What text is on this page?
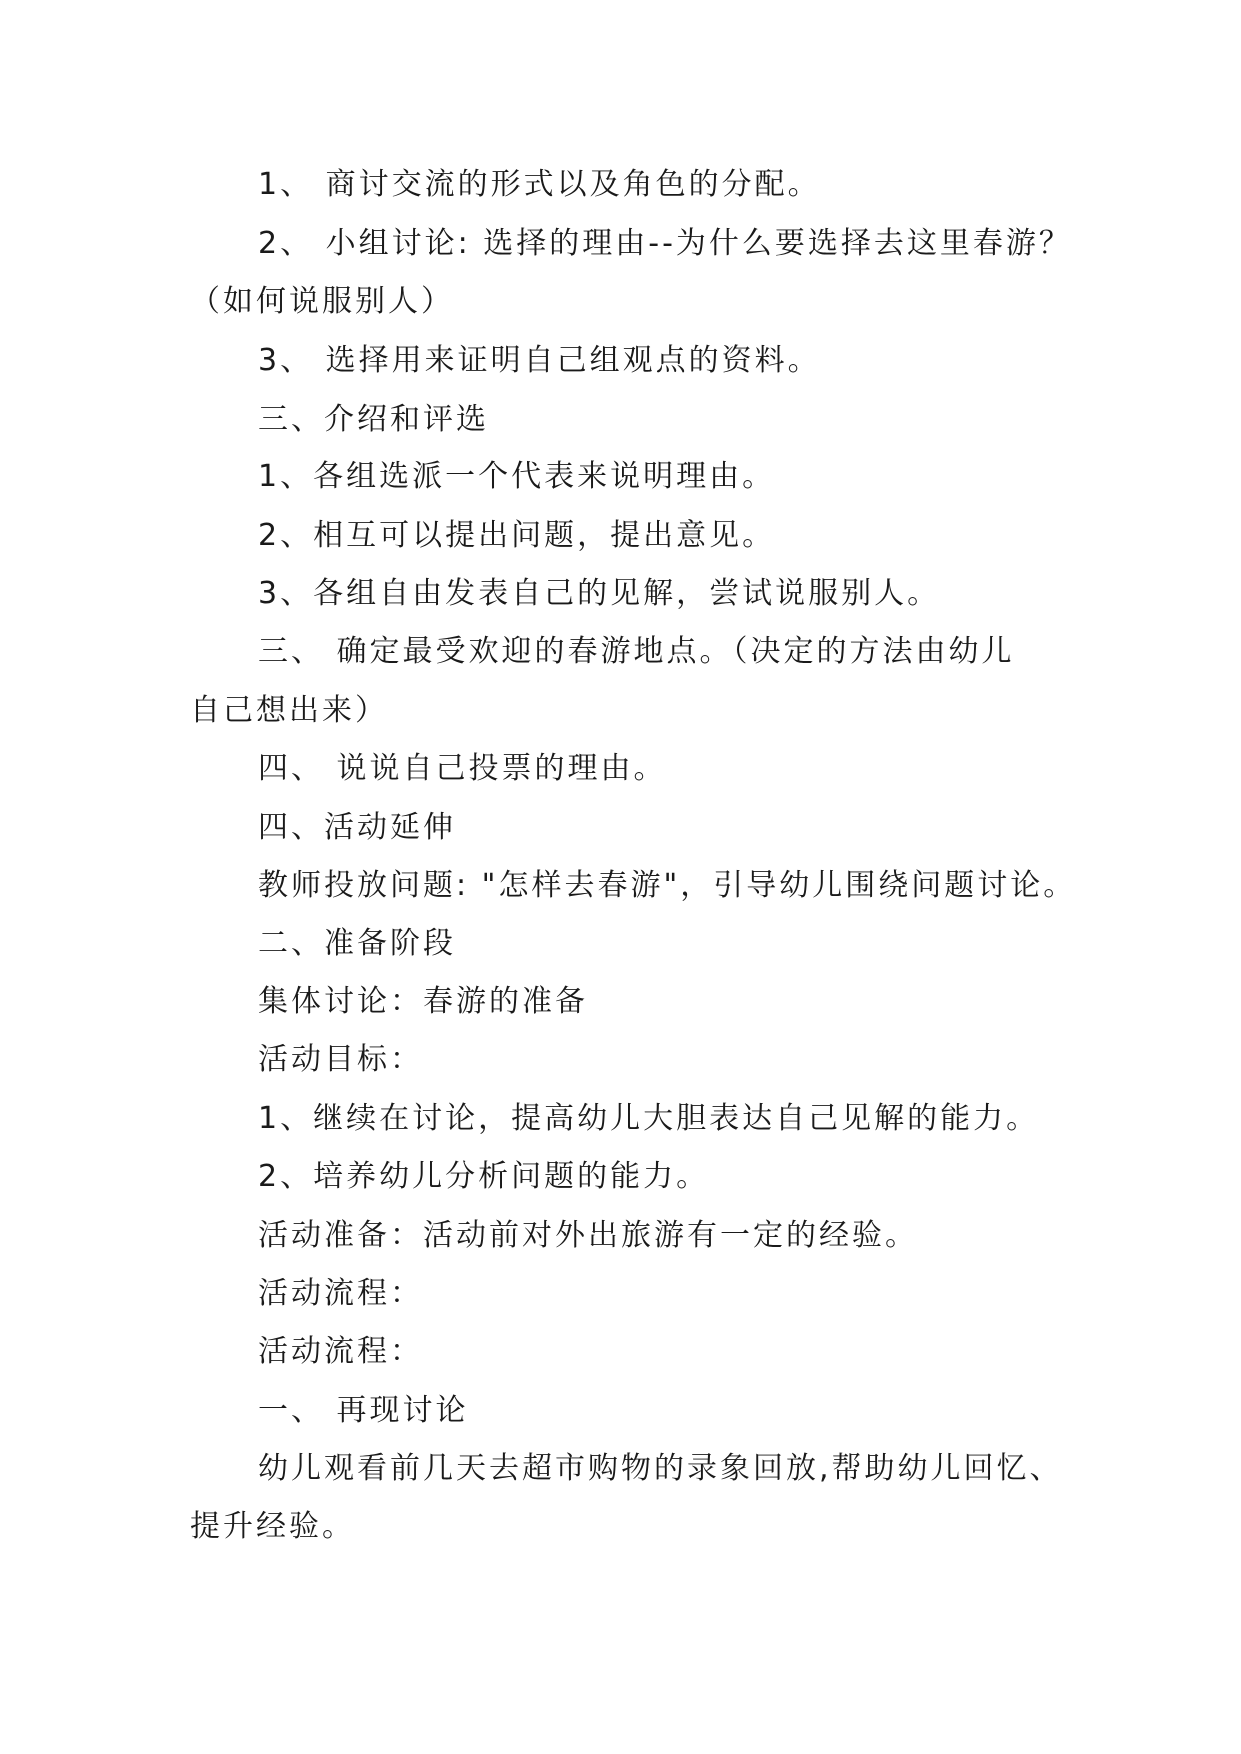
1、 商讨交流的形式以及角色的分配。
2、 小组讨论: 选择的理由--为什么要选择去这里春游？
（如何说服别人）
3、 选择用来证明自己组观点的资料。
三、介绍和评选
1、各组选派一个代表来说明理由。
2、相互可以提出问题，提出意见。
3、各组自由发表自己的见解，尝试说服别人。
三、 确定最受欢迎的春游地点。（决定的方法由幼儿
自己想出来）
四、 说说自己投票的理由。
四、活动延伸
教师投放问题: "怎样去春游"，引导幼儿围绕问题讨论。
二、准备阶段
集体讨论：春游的准备
活动目标：
1、继续在讨论，提高幼儿大胆表达自己见解的能力。
2、培养幼儿分析问题的能力。
活动准备：活动前对外出旅游有一定的经验。
活动流程：
活动流程：
一、 再现讨论
幼儿观看前几天去超市购物的录象回放,帮助幼儿回忆、
提升经验。
